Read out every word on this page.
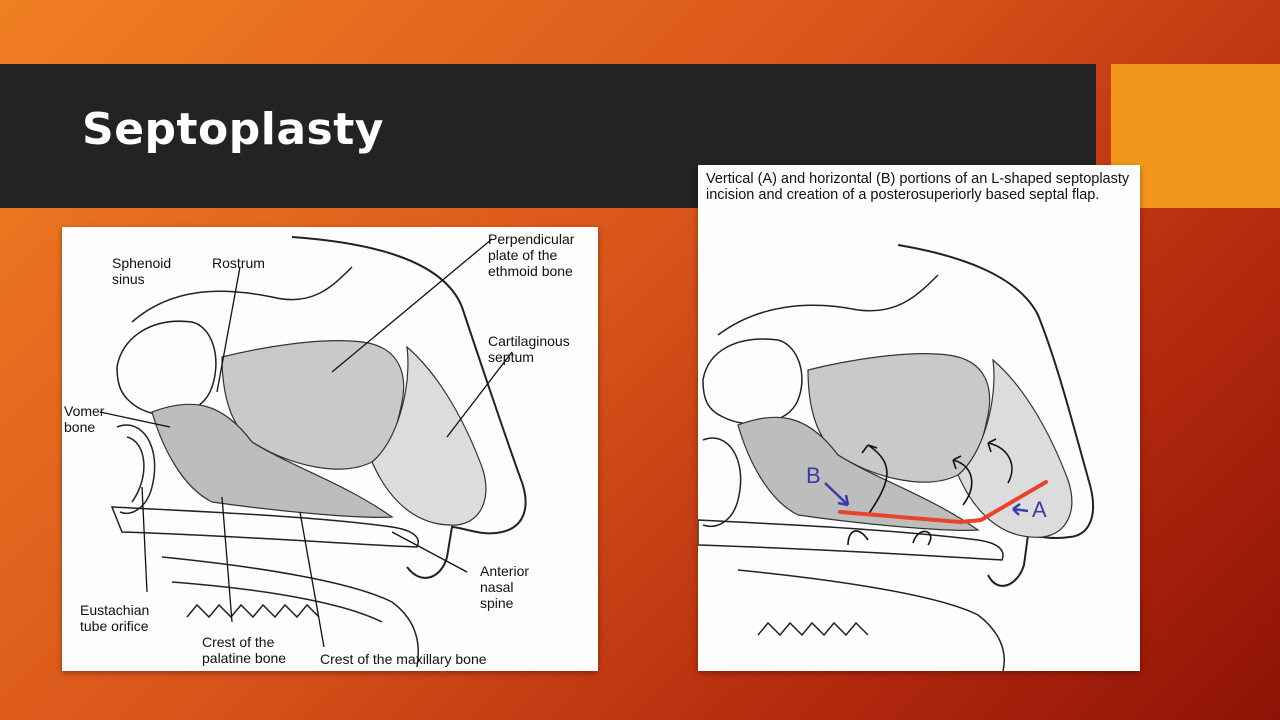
Septoplasty
Sphenoid
sinus
Rostrum
Perpendicular
plate of the
ethmoid bone
Cartilaginous
septum
Vomer
bone
Anterior
nasal
spine
Eustachian
tube orifice
Crest of the
palatine bone Crest of the maxillary bone
Vertical (A) and horizontal (B) portions of an L-shaped septoplasty incision and creation of a posterosuperiorly based septal flap.
B
A
